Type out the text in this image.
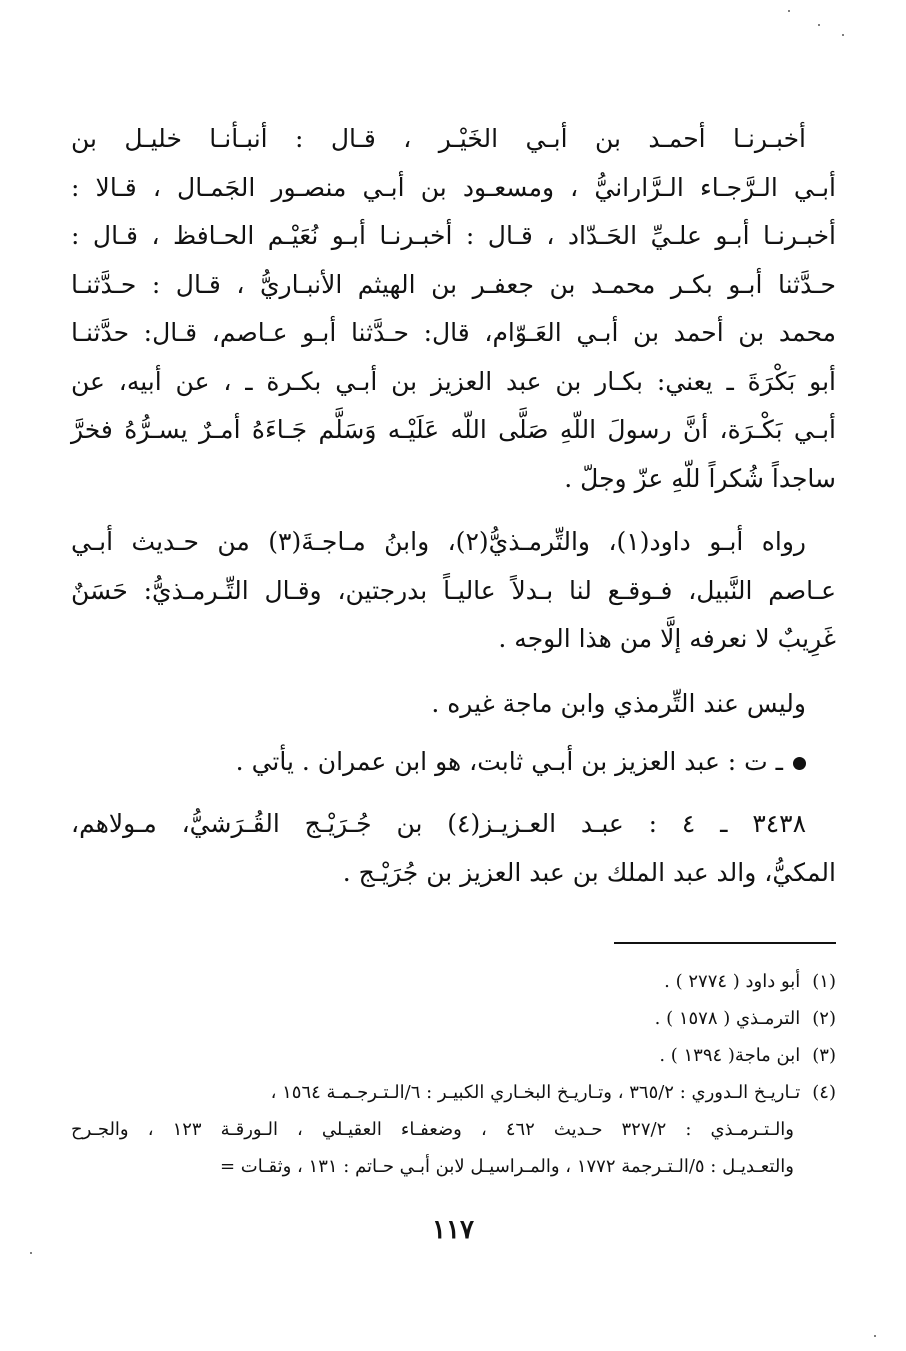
أخبـرنـا أحمـد بن أبـي الخَيْـر ، قـال : أنبـأنـا خليـل بن
أبـي الـرَّجـاء الـرَّارانيُّ ، ومسعـود بن أبـي منصـور الجَمـال ، قـالا :
أخبـرنـا أبـو علـيِّ الحَـدّاد ، قـال : أخبـرنـا أبـو نُعَيْـم الحـافظ ، قـال :
حـدَّثنا أبـو بكـر محمـد بن جعفـر بن الهيثم الأنبـاريُّ ، قـال : حـدَّثنـا
محمد بن أحمد بن أبـي العَـوّام، قال: حـدَّثنا أبـو عـاصم، قـال: حدَّثنـا
أبو بَكْرَةَ ـ يعني: بكـار بن عبد العزيز بن أبـي بكـرة ـ ، عن أبيه، عن
أبـي بَكْـرَة، أنَّ رسولَ اللّهِ صَلَّى اللّه عَلَيْـه وَسَلَّم جَـاءَهُ أمـرٌ يسـرُّهُ فخرَّ
ساجداً شُكراً للّهِ عزّ وجلّ .
رواه أبـو داود(١)، والتِّرمـذيُّ(٢)، وابنُ مـاجـةَ(٣) من حـديث أبـي
عـاصم النَّبيل، فـوقـع لنا بـدلاً عاليـاً بدرجتين، وقـال التِّـرمـذيُّ: حَسَنٌ
غَرِيبٌ لا نعرفه إلَّا من هذا الوجه .
وليس عند التِّرمذي وابن ماجة غيره .
ـ ت : عبد العزيز بن أبـي ثابت، هو ابن عمران . يأتي .
٣٤٣٨ ـ ٤ : عبـد العـزيـز(٤) بن جُـرَيْـج القُـرَشيُّ، مـولاهم،
المكيُّ، والد عبد الملك بن عبد العزيز بن جُرَيْـج .
(١) أبو داود ( ٢٧٧٤ ) .
(٢) الترمـذي ( ١٥٧٨ ) .
(٣) ابن ماجة( ١٣٩٤ ) .
(٤) تـاريـخ الـدوري : ٣٦٥/٢ ، وتـاريـخ البخـاري الكبيـر : ٦/الـتـرجـمـة ١٥٦٤ ،
والـتـرمـذي : ٣٢٧/٢ حـديث ٤٦٢ ، وضعفـاء العقيـلي ، الـورقـة ١٢٣ ، والجـرح
والتعـديـل : ٥/الـتـرجمة ١٧٧٢ ، والمـراسيـل لابن أبـي حـاتم : ١٣١ ، وثقـات =
١١٧
